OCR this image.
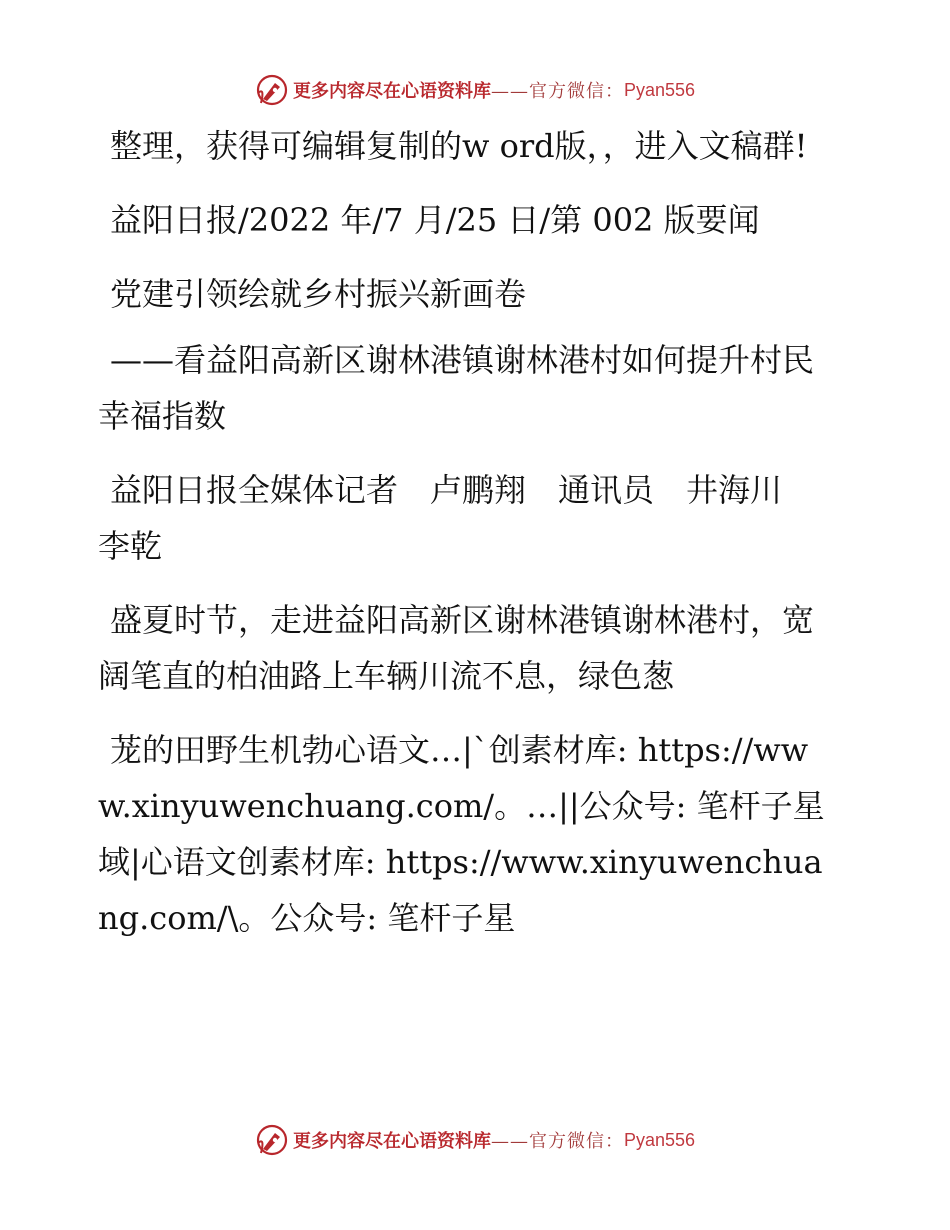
更多内容尽在心语资料库 ——官方微信： Pyan556

整理，获得可编辑复制的w ord版，，进入文稿群!

益阳日报/2022 年/7 月/25 日/第 002 版要闻

党建引领绘就乡村振兴新画卷

——看益阳高新区谢林港镇谢林港村如何提升村民幸福指数

益阳日报全媒体记者　卢鹏翔　通讯员　井海川　李乾

盛夏时节，走进益阳高新区谢林港镇谢林港村，宽阔笔直的柏油路上车辆川流不息，绿色葱

茏的田野生机勃心语文…|`创素材库: https://www.xinyuwenchuang.com/。…||公众号: 笔杆子星域|心语文创素材库: https://www.xinyuwenchuang.com/\。公众号: 笔杆子星

更多内容尽在心语资料库 ——官方微信： Pyan556
